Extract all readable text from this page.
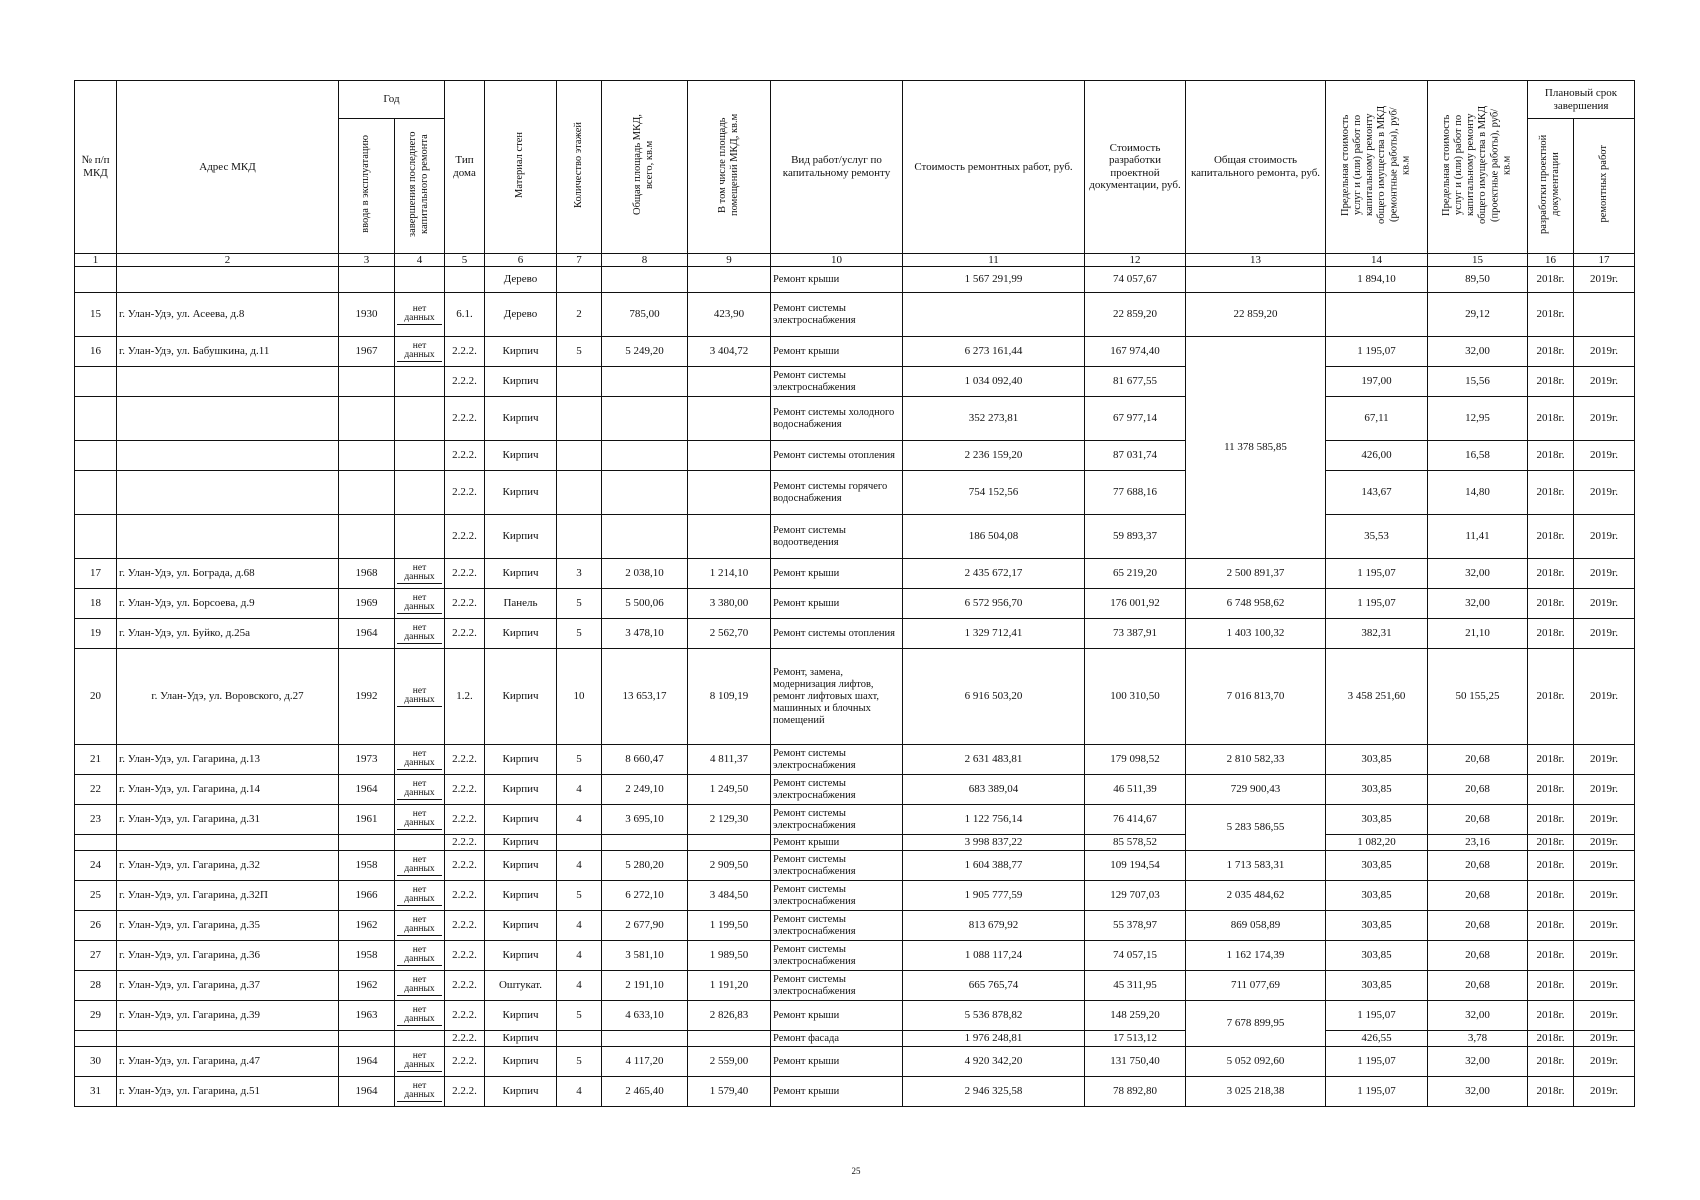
№ п/п МКД	Адрес МКД	Год		Тип дома	Материал стен	Количество этажей	Общая площадь МКД, всего, кв.м	В том числе площадь помещений МКД, кв.м	Вид работ/услуг по капитальному ремонту	Стоимость ремонтных работ, руб.	Стоимость разработки проектной документации, руб.	Общая стоимость капитального ремонта, руб.	Предельная стоимость услуг и (или) работ по капитальному ремонту общего имущества в МКД (ремонтные работы), руб/кв.м	Предельная стоимость услуг и (или) работ по капитальному ремонту общего имущества в МКД (проектные работы), руб/кв.м	Плановый срок завершения	
		ввода в эксплуатацию	завершения последнего капитального ремонта												разработки проектной документации	ремонтных работ
1	2	3	4	5	6	7	8	9	10	11	12	13	14	15	16	17
					Дерево				Ремонт крыши	1 567 291,99	74 057,67		1 894,10	89,50	2018г.	2019г.
15	г. Улан-Удэ, ул. Асеева, д.8	1930	нет данных	6.1.	Дерево	2	785,00	423,90	Ремонт системы электроснабжения		22 859,20	22 859,20		29,12	2018г.	
16	г. Улан-Удэ, ул. Бабушкина, д.11	1967	нет данных	2.2.2.	Кирпич	5	5 249,20	3 404,72	Ремонт крыши	6 273 161,44	167 974,40	11 378 585,85	1 195,07	32,00	2018г.	2019г.
				2.2.2.	Кирпич				Ремонт системы электроснабжения	1 034 092,40	81 677,55		197,00	15,56	2018г.	2019г.
				2.2.2.	Кирпич				Ремонт системы холодного водоснабжения	352 273,81	67 977,14		67,11	12,95	2018г.	2019г.
				2.2.2.	Кирпич				Ремонт системы отопления	2 236 159,20	87 031,74		426,00	16,58	2018г.	2019г.
				2.2.2.	Кирпич				Ремонт системы горячего водоснабжения	754 152,56	77 688,16		143,67	14,80	2018г.	2019г.
				2.2.2.	Кирпич				Ремонт системы водоотведения	186 504,08	59 893,37		35,53	11,41	2018г.	2019г.
17	г. Улан-Удэ, ул. Бограда, д.68	1968	нет данных	2.2.2.	Кирпич	3	2 038,10	1 214,10	Ремонт крыши	2 435 672,17	65 219,20	2 500 891,37	1 195,07	32,00	2018г.	2019г.
18	г. Улан-Удэ, ул. Борсоева, д.9	1969	нет данных	2.2.2.	Панель	5	5 500,06	3 380,00	Ремонт крыши	6 572 956,70	176 001,92	6 748 958,62	1 195,07	32,00	2018г.	2019г.
19	г. Улан-Удэ, ул. Буйко, д.25а	1964	нет данных	2.2.2.	Кирпич	5	3 478,10	2 562,70	Ремонт системы отопления	1 329 712,41	73 387,91	1 403 100,32	382,31	21,10	2018г.	2019г.
20	г. Улан-Удэ, ул. Воровского, д.27	1992	нет данных	1.2.	Кирпич	10	13 653,17	8 109,19	Ремонт, замена, модернизация лифтов, ремонт лифтовых шахт, машинных и блочных помещений	6 916 503,20	100 310,50	7 016 813,70	3 458 251,60	50 155,25	2018г.	2019г.
21	г. Улан-Удэ, ул. Гагарина, д.13	1973	нет данных	2.2.2.	Кирпич	5	8 660,47	4 811,37	Ремонт системы электроснабжения	2 631 483,81	179 098,52	2 810 582,33	303,85	20,68	2018г.	2019г.
22	г. Улан-Удэ, ул. Гагарина, д.14	1964	нет данных	2.2.2.	Кирпич	4	2 249,10	1 249,50	Ремонт системы электроснабжения	683 389,04	46 511,39	729 900,43	303,85	20,68	2018г.	2019г.
23	г. Улан-Удэ, ул. Гагарина, д.31	1961	нет данных	2.2.2.	Кирпич	4	3 695,10	2 129,30	Ремонт системы электроснабжения	1 122 756,14	76 414,67	5 283 586,55	303,85	20,68	2018г.	2019г.
				2.2.2.	Кирпич				Ремонт крыши	3 998 837,22	85 578,52		1 082,20	23,16	2018г.	2019г.
24	г. Улан-Удэ, ул. Гагарина, д.32	1958	нет данных	2.2.2.	Кирпич	4	5 280,20	2 909,50	Ремонт системы электроснабжения	1 604 388,77	109 194,54	1 713 583,31	303,85	20,68	2018г.	2019г.
25	г. Улан-Удэ, ул. Гагарина, д.32П	1966	нет данных	2.2.2.	Кирпич	5	6 272,10	3 484,50	Ремонт системы электроснабжения	1 905 777,59	129 707,03	2 035 484,62	303,85	20,68	2018г.	2019г.
26	г. Улан-Удэ, ул. Гагарина, д.35	1962	нет данных	2.2.2.	Кирпич	4	2 677,90	1 199,50	Ремонт системы электроснабжения	813 679,92	55 378,97	869 058,89	303,85	20,68	2018г.	2019г.
27	г. Улан-Удэ, ул. Гагарина, д.36	1958	нет данных	2.2.2.	Кирпич	4	3 581,10	1 989,50	Ремонт системы электроснабжения	1 088 117,24	74 057,15	1 162 174,39	303,85	20,68	2018г.	2019г.
28	г. Улан-Удэ, ул. Гагарина, д.37	1962	нет данных	2.2.2.	Оштукат.	4	2 191,10	1 191,20	Ремонт системы электроснабжения	665 765,74	45 311,95	711 077,69	303,85	20,68	2018г.	2019г.
29	г. Улан-Удэ, ул. Гагарина, д.39	1963	нет данных	2.2.2.	Кирпич	5	4 633,10	2 826,83	Ремонт крыши	5 536 878,82	148 259,20	7 678 899,95	1 195,07	32,00	2018г.	2019г.
				2.2.2.	Кирпич				Ремонт фасада	1 976 248,81	17 513,12		426,55	3,78	2018г.	2019г.
30	г. Улан-Удэ, ул. Гагарина, д.47	1964	нет данных	2.2.2.	Кирпич	5	4 117,20	2 559,00	Ремонт крыши	4 920 342,20	131 750,40	5 052 092,60	1 195,07	32,00	2018г.	2019г.
31	г. Улан-Удэ, ул. Гагарина, д.51	1964	нет данных	2.2.2.	Кирпич	4	2 465,40	1 579,40	Ремонт крыши	2 946 325,58	78 892,80	3 025 218,38	1 195,07	32,00	2018г.	2019г.
25
